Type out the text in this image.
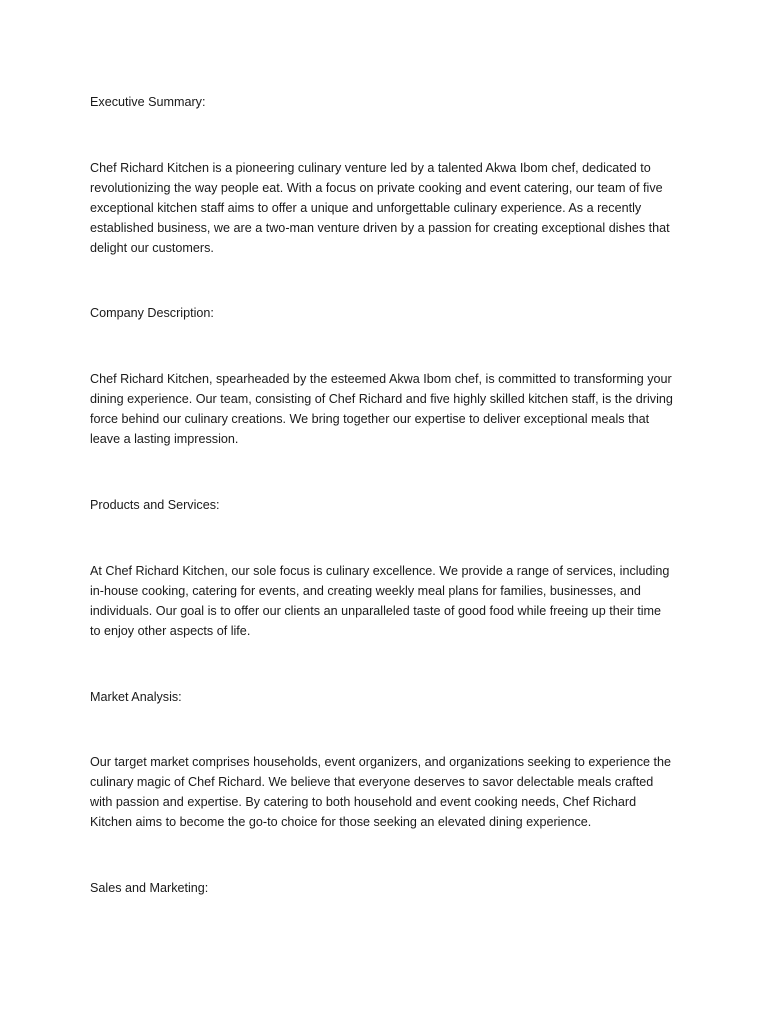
Executive Summary:
Chef Richard Kitchen is a pioneering culinary venture led by a talented Akwa Ibom chef, dedicated to
revolutionizing the way people eat. With a focus on private cooking and event catering, our team of five
exceptional kitchen staff aims to offer a unique and unforgettable culinary experience. As a recently
established business, we are a two-man venture driven by a passion for creating exceptional dishes that
delight our customers.
Company Description:
Chef Richard Kitchen, spearheaded by the esteemed Akwa Ibom chef, is committed to transforming your
dining experience. Our team, consisting of Chef Richard and five highly skilled kitchen staff, is the driving
force behind our culinary creations. We bring together our expertise to deliver exceptional meals that
leave a lasting impression.
Products and Services:
At Chef Richard Kitchen, our sole focus is culinary excellence. We provide a range of services, including
in-house cooking, catering for events, and creating weekly meal plans for families, businesses, and
individuals. Our goal is to offer our clients an unparalleled taste of good food while freeing up their time
to enjoy other aspects of life.
Market Analysis:
Our target market comprises households, event organizers, and organizations seeking to experience the
culinary magic of Chef Richard. We believe that everyone deserves to savor delectable meals crafted
with passion and expertise. By catering to both household and event cooking needs, Chef Richard
Kitchen aims to become the go-to choice for those seeking an elevated dining experience.
Sales and Marketing:
